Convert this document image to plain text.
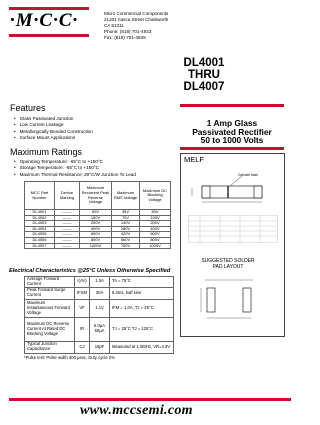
·M·C·C·	Micro Commercial Components
21201 Itasca Street Chatsworth
CA 91311
Phone: (818) 701-4933
Fax: (818) 701-4939
DL4001
THRU
DL4007
1 Amp Glass
Passivated Rectifier
50 to 1000 Volts
Features
• Glass Passivated Junction
• Low Current Leakage
• Metallurgically Bonded Construction
• Surface Mount Applications
Maximum Ratings
• Operating Temperature: -65°C to +150°C
• Storage Temperature: -65°C to +150°C
• Maximum Thermal Resistance; 30°C/W Junction To Lead
MCC Part Number	Device Marking	Maximum Recurrent Peak Reverse Voltage	Maximum RMS Voltage	Maximum DC Blocking Voltage
DL4001	-------	50V	35V	50V
DL4002	-------	100V	70V	100V
DL4003	-------	200V	140V	200V
DL4004	-------	400V	280V	400V
DL4005	-------	600V	420V	600V
DL4006	-------	800V	560V	800V
DL4007	-------	1000V	700V	1000V
Electrical Characteristics @25°C Unless Otherwise Specified
Average Forward Current	I(AV)	1.0A	TA = 75°C
Peak Forward Surge Current	IFSM	30A	8.3ms, half sine
Maximum Instantaneous Forward Voltage	VF	1.1V	IFM = 1.0A; TJ = 25°C
Maximum DC Reverse Current At Rated DC Blocking Voltage	IR	5.0μA 50μA	TJ = 25°C TJ = 125°C
Typical Junction Capacitance	CJ	15pF	Measured at 1.0MHz, VR=4.0V
*Pulse test: Pulse width 300 μsec, Duty cycle 2%
MELF
Cathode Mark
SUGGESTED SOLDER
PAD LAYOUT
www.mccsemi.com
